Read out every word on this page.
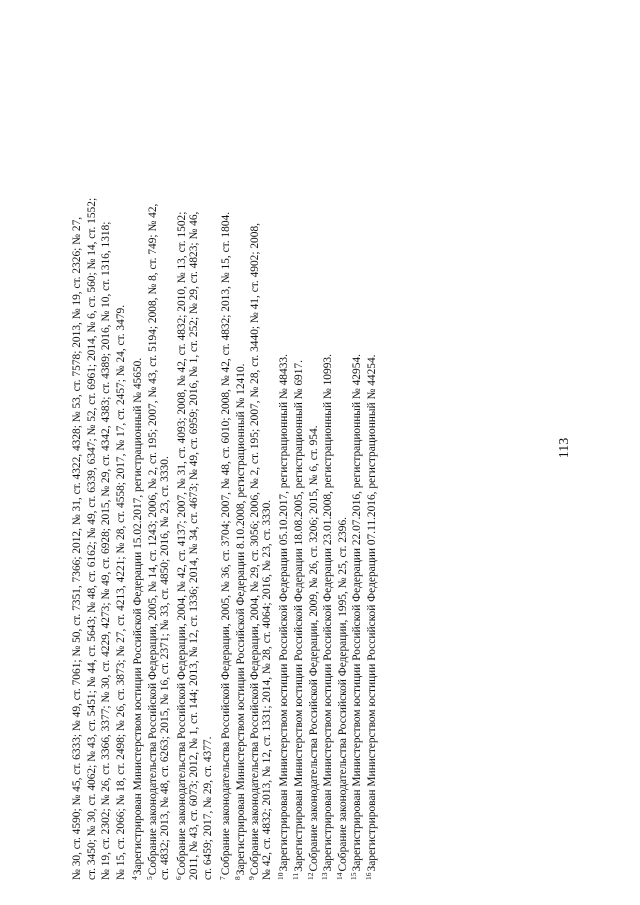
113
№ 30, ст. 4590; № 45, ст. 6333; № 49, ст. 7061; № 50, ст. 7351, 7366; 2012, № 31, ст. 4322, 4328; № 53, ст. 7578; 2013, № 19, ст. 2326; № 27, ст. 3450; № 30, ст. 4062; № 43, ст. 5451; № 44, ст. 5643; № 48, ст. 6162; № 49, ст. 6339, 6347; № 52, ст. 6961; 2014, № 6, ст. 560; № 14, ст. 1552; № 19, ст. 2302; № 26, ст. 3366, 3377; № 30, ст. 4229, 4273; № 49, ст. 6928; 2015, № 29, ст. 4342, 4383; ст. 4389; 2016, № 10, ст. 1316, 1318; № 15, ст. 2066; № 18, ст. 2498; № 26, ст. 3873; № 27, ст. 4213, 4221; № 28, ст. 4558; 2017, № 17, ст. 2457; № 24, ст. 3479. $^4$Зарегистрирован Министерством юстиции Российской Федерации 15.02.2017, регистрационный № 45650.
$^5$Собрание законодательства Российской Федерации, 2005, № 14, ст. 1243; 2006, № 2, ст. 195; 2007, № 43, ст. 5194; 2008, № 8, ст. 749; № 42, ст. 4832; 2013, № 48, ст. 6263; 2015, № 16, ст. 2371; № 33, ст. 4850; 2016, № 23, ст. 3330. $^6$Собрание законодательства Российской Федерации, 2004, № 42, ст. 4137; 2007, № 31, ст. 4093; 2008, № 42, ст. 4832; 2010, № 13, ст. 1502; 2011, № 43, ст. 6073; 2012, № 1, ст. 144; 2013, № 12, ст. 1336; 2014, № 34, ст. 4673; № 49, ст. 6959; 2016, № 1, ст. 252; № 29, ст. 4823; № 46, ст. 6459; 2017, № 29, ст. 4377. $^7$Собрание законодательства Российской Федерации, 2005, № 36, ст. 3704; 2007, № 48, ст. 6010; 2008, № 42, ст. 4832; 2013, № 15, ст. 1804.
$^8$Зарегистрирован Министерством юстиции Российской Федерации 8.10.2008, регистрационный № 12410.
$^9$Собрание законодательства Российской Федерации, 2004, № 29, ст. 3056; 2006, № 2, ст. 195; 2007, № 28, ст. 3440; № 41, ст. 4902; 2008, № 42, ст. 4832; 2013, № 12, ст. 1331; 2014, № 28, ст. 4064; 2016, № 23, ст. 3330. $^{10}$Зарегистрирован Министерством юстиции Российской Федерации 05.10.2017, регистрационный № 48433.
$^{11}$Зарегистрирован Министерством юстиции Российской Федерации 18.08.2005, регистрационный № 6917.
$^{12}$Собрание законодательства Российской Федерации, 2009, № 26, ст. 3206; 2015, № 6, ст. 954.
$^{13}$Зарегистрирован Министерством юстиции Российской Федерации 23.01.2008, регистрационный № 10993.
$^{14}$Собрание законодательства Российской Федерации, 1995, № 25, ст. 2396.
$^{15}$Зарегистрирован Министерством юстиции Российской Федерации 22.07.2016, регистрационный № 42954.
$^{16}$Зарегистрирован Министерством юстиции Российской Федерации 07.11.2016, регистрационный № 44254.
